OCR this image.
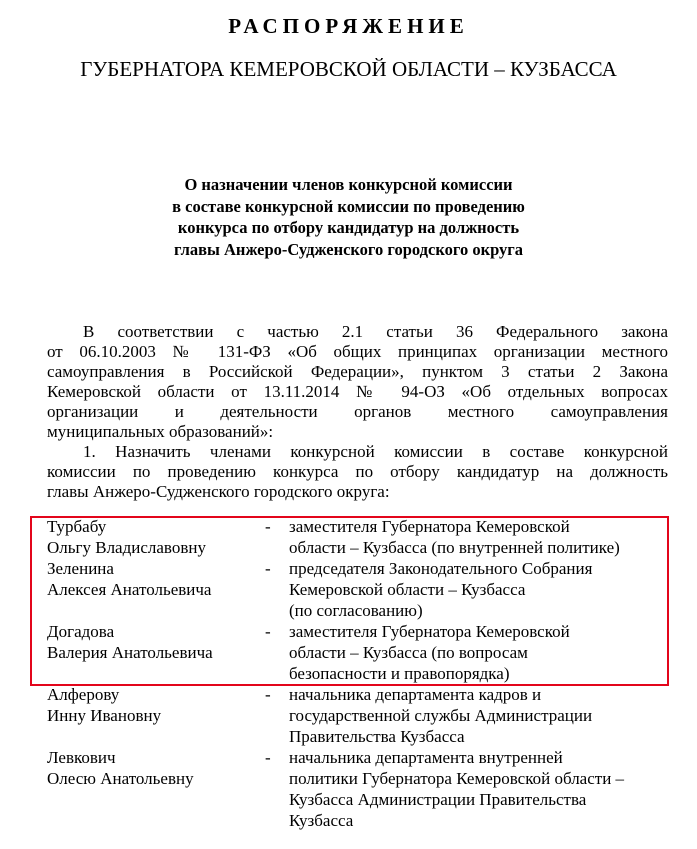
РАСПОРЯЖЕНИЕ
ГУБЕРНАТОРА КЕМЕРОВСКОЙ ОБЛАСТИ – КУЗБАССА
О назначении членов конкурсной комиссии
в составе конкурсной комиссии по проведению
конкурса по отбору кандидатур на должность
главы Анжеро-Судженского городского округа
В соответствии с частью 2.1 статьи 36 Федерального закона
от 06.10.2003 № 131-ФЗ «Об общих принципах организации местного
самоуправления в Российской Федерации», пунктом 3 статьи 2 Закона
Кемеровской области от 13.11.2014 № 94-ОЗ «Об отдельных вопросах
организации и деятельности органов местного самоуправления
муниципальных образований»:
1. Назначить членами конкурсной комиссии в составе конкурсной
комиссии по проведению конкурса по отбору кандидатур на должность
главы Анжеро-Судженского городского округа:
Турбабу
Ольгу Владиславовну
- заместителя Губернатора Кемеровской
области – Кузбасса (по внутренней политике)
Зеленина
Алексея Анатольевича
- председателя Законодательного Собрания
Кемеровской области – Кузбасса
(по согласованию)
Догадова
Валерия Анатольевича
- заместителя Губернатора Кемеровской
области – Кузбасса (по вопросам
безопасности и правопорядка)
Алферову
Инну Ивановну
- начальника департамента кадров и
государственной службы Администрации
Правительства Кузбасса
Левкович
Олесю Анатольевну
- начальника департамента внутренней
политики Губернатора Кемеровской области –
Кузбасса Администрации Правительства
Кузбасса
